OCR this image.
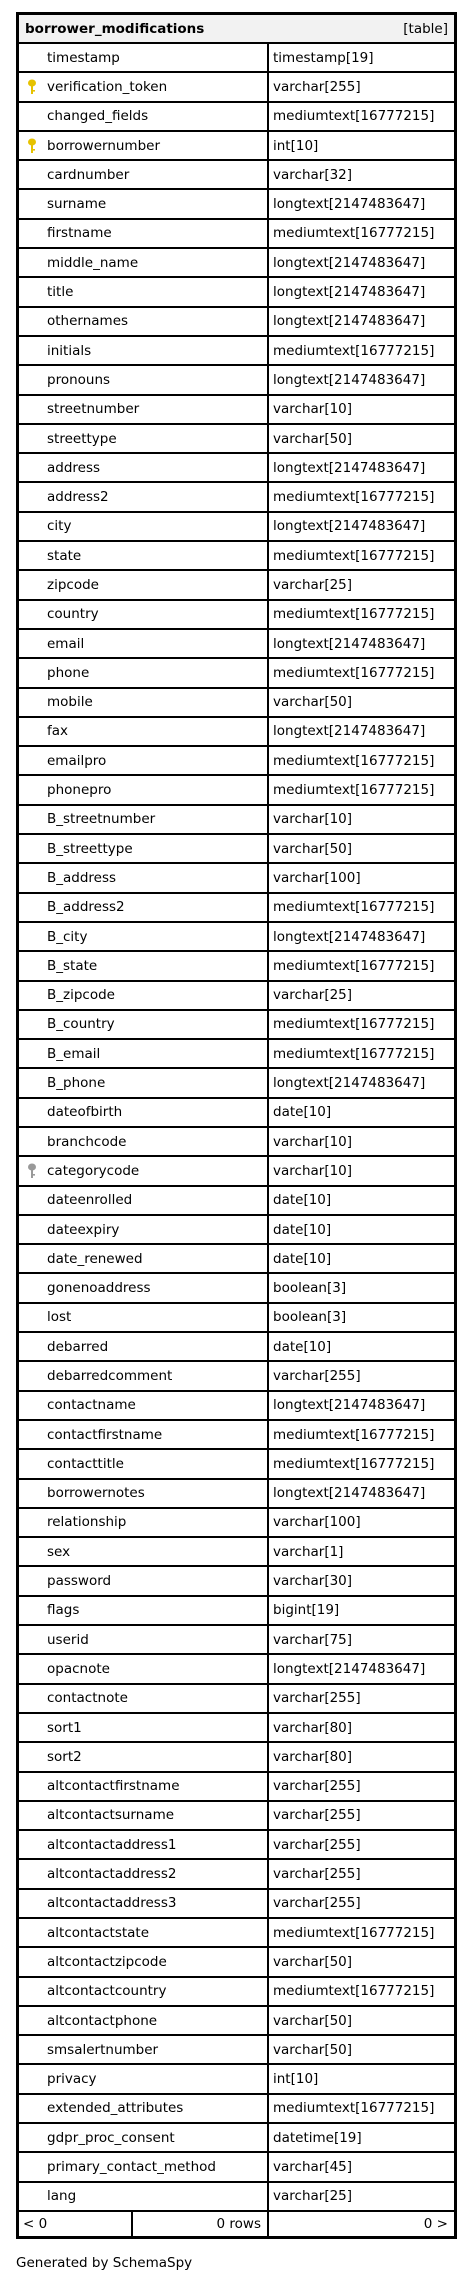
borrower_modifications	[table]
timestamp	timestamp[19]
verification_token	varchar[255]
changed_fields	mediumtext[16777215]
borrowernumber	int[10]
cardnumber	varchar[32]
surname	longtext[2147483647]
firstname	mediumtext[16777215]
middle_name	longtext[2147483647]
title	longtext[2147483647]
othernames	longtext[2147483647]
initials	mediumtext[16777215]
pronouns	longtext[2147483647]
streetnumber	varchar[10]
streettype	varchar[50]
address	longtext[2147483647]
address2	mediumtext[16777215]
city	longtext[2147483647]
state	mediumtext[16777215]
zipcode	varchar[25]
country	mediumtext[16777215]
email	longtext[2147483647]
phone	mediumtext[16777215]
mobile	varchar[50]
fax	longtext[2147483647]
emailpro	mediumtext[16777215]
phonepro	mediumtext[16777215]
B_streetnumber	varchar[10]
B_streettype	varchar[50]
B_address	varchar[100]
B_address2	mediumtext[16777215]
B_city	longtext[2147483647]
B_state	mediumtext[16777215]
B_zipcode	varchar[25]
B_country	mediumtext[16777215]
B_email	mediumtext[16777215]
B_phone	longtext[2147483647]
dateofbirth	date[10]
branchcode	varchar[10]
categorycode	varchar[10]
dateenrolled	date[10]
dateexpiry	date[10]
date_renewed	date[10]
gonenoaddress	boolean[3]
lost	boolean[3]
debarred	date[10]
debarredcomment	varchar[255]
contactname	longtext[2147483647]
contactfirstname	mediumtext[16777215]
contacttitle	mediumtext[16777215]
borrowernotes	longtext[2147483647]
relationship	varchar[100]
sex	varchar[1]
password	varchar[30]
flags	bigint[19]
userid	varchar[75]
opacnote	longtext[2147483647]
contactnote	varchar[255]
sort1	varchar[80]
sort2	varchar[80]
altcontactfirstname	varchar[255]
altcontactsurname	varchar[255]
altcontactaddress1	varchar[255]
altcontactaddress2	varchar[255]
altcontactaddress3	varchar[255]
altcontactstate	mediumtext[16777215]
altcontactzipcode	varchar[50]
altcontactcountry	mediumtext[16777215]
altcontactphone	varchar[50]
smsalertnumber	varchar[50]
privacy	int[10]
extended_attributes	mediumtext[16777215]
gdpr_proc_consent	datetime[19]
primary_contact_method	varchar[45]
lang	varchar[25]
< 0	0 rows	0 >
Generated by SchemaSpy
